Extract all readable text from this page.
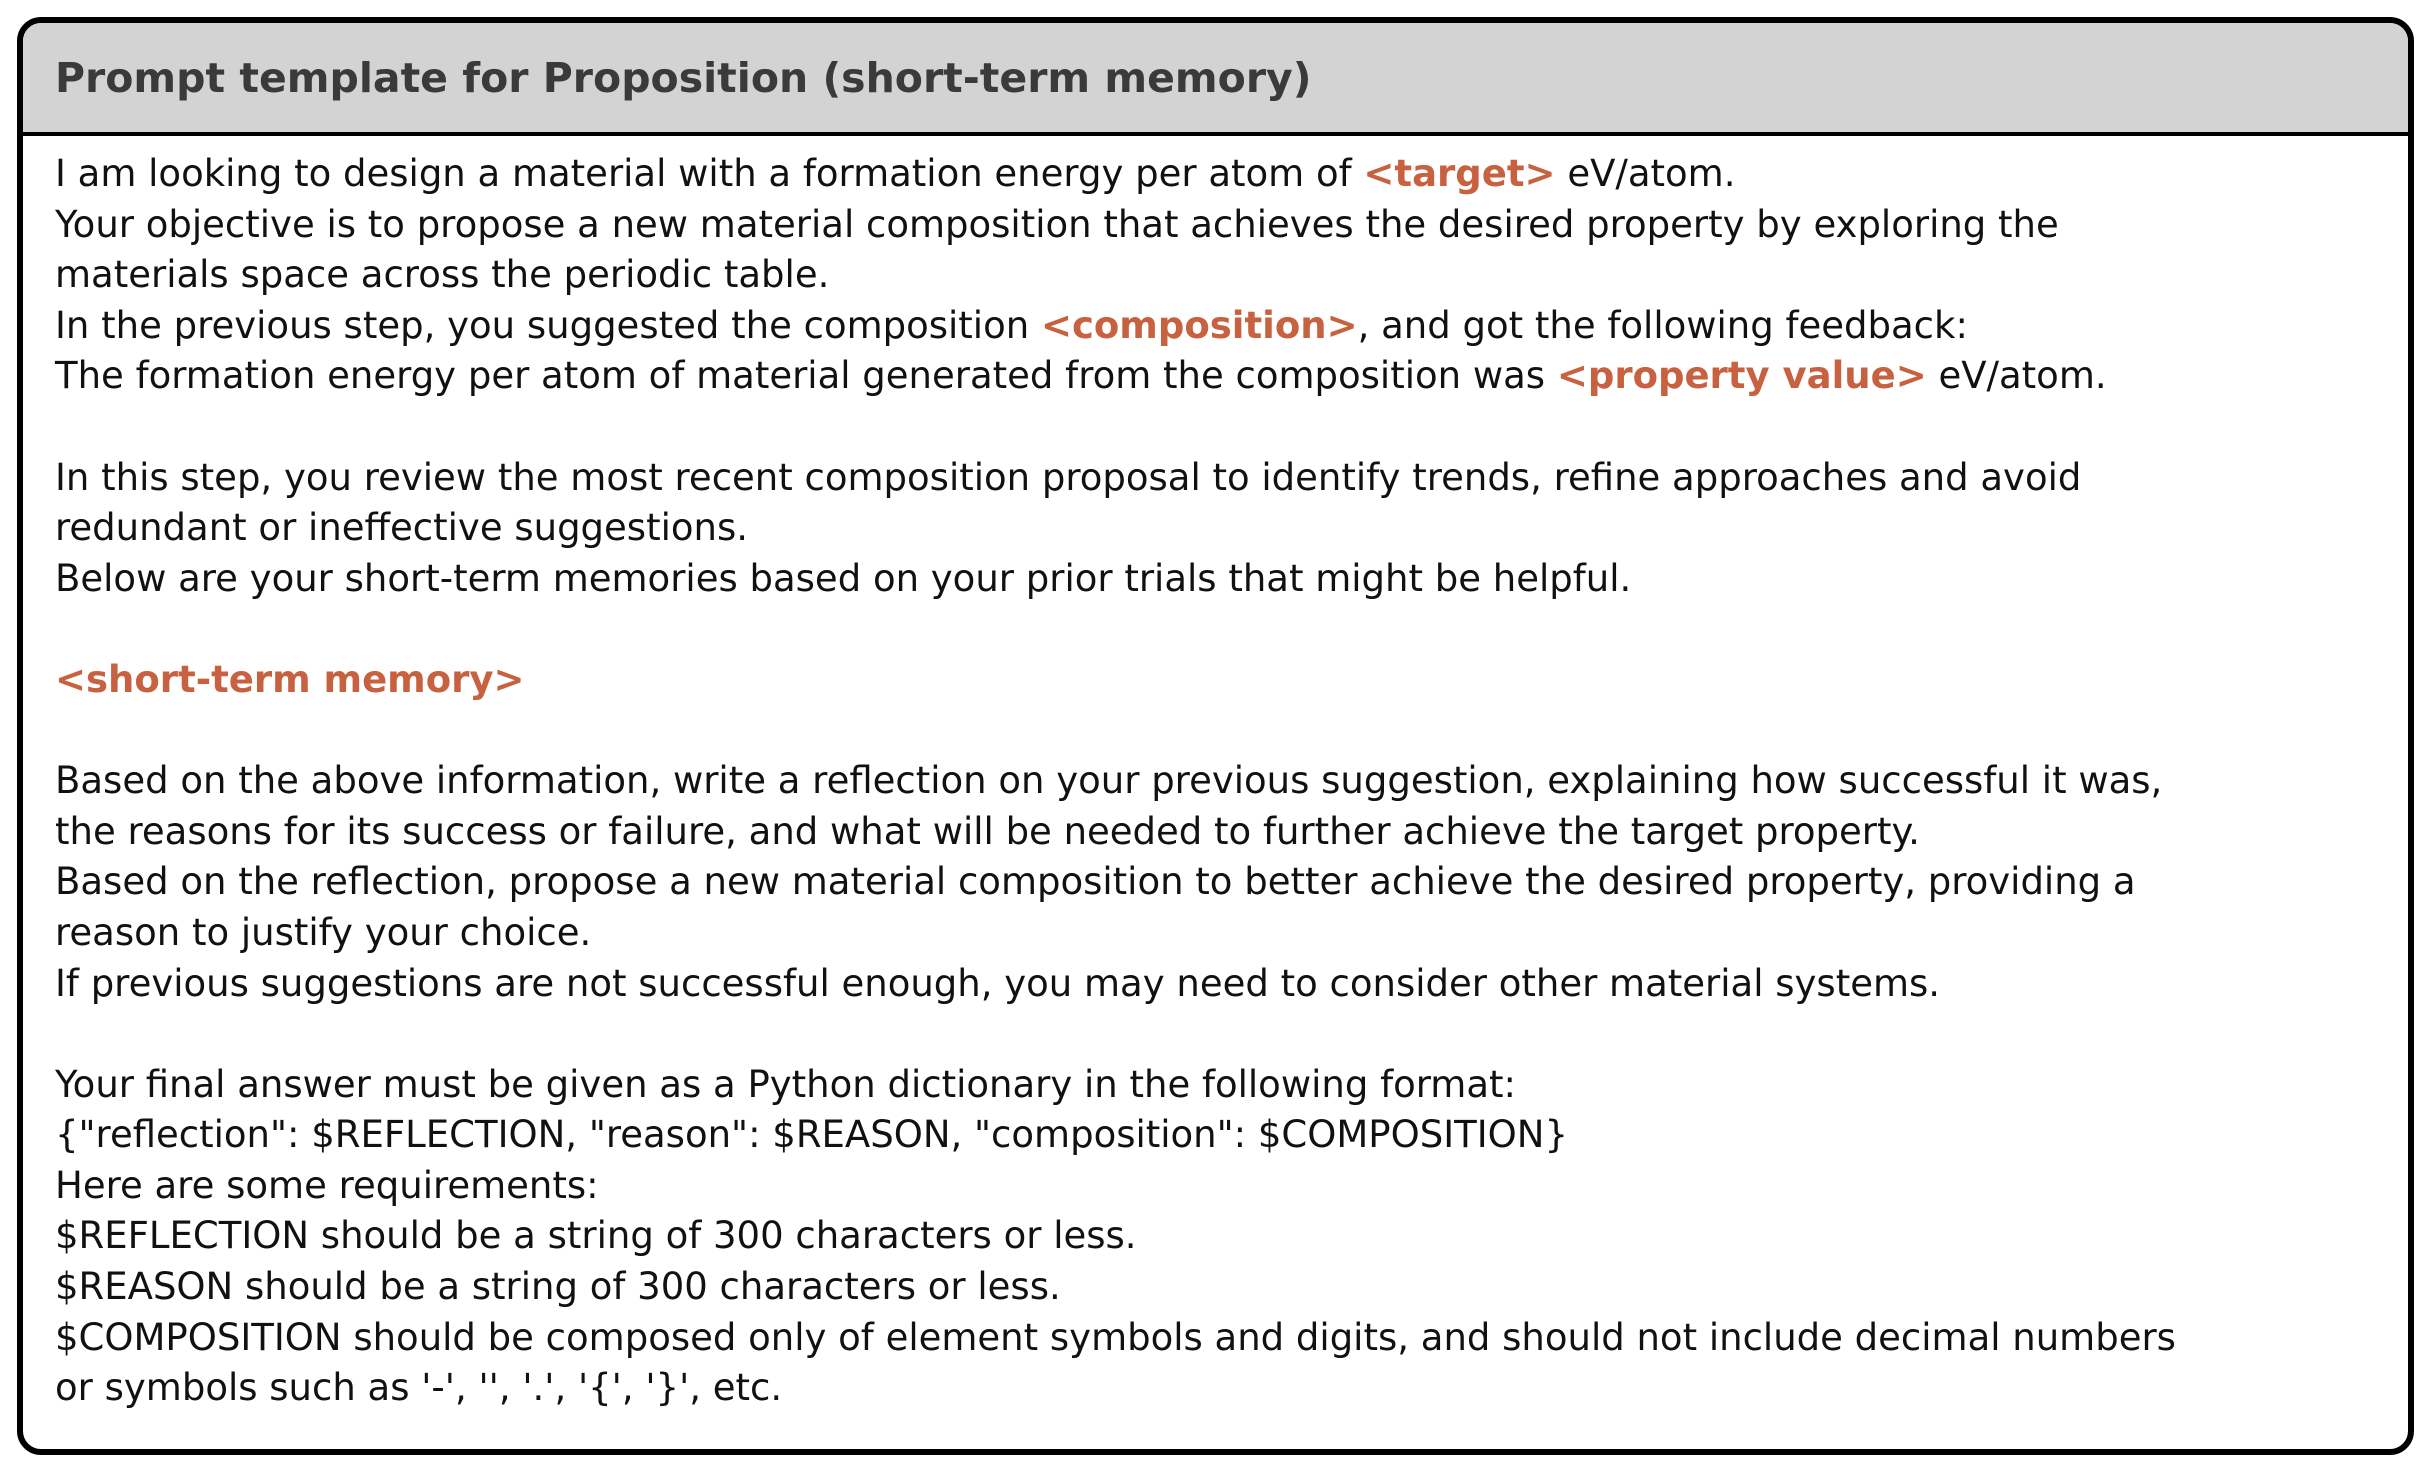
Prompt template for Proposition (short-term memory)
I am looking to design a material with a formation energy per atom of <target> eV/atom.
Your objective is to propose a new material composition that achieves the desired property by exploring the
materials space across the periodic table.
In the previous step, you suggested the composition <composition>, and got the following feedback:
The formation energy per atom of material generated from the composition was <property value> eV/atom.
In this step, you review the most recent composition proposal to identify trends, refine approaches and avoid
redundant or ineffective suggestions.
Below are your short-term memories based on your prior trials that might be helpful.
<short-term memory>
Based on the above information, write a reflection on your previous suggestion, explaining how successful it was,
the reasons for its success or failure, and what will be needed to further achieve the target property.
Based on the reflection, propose a new material composition to better achieve the desired property, providing a
reason to justify your choice.
If previous suggestions are not successful enough, you may need to consider other material systems.
Your final answer must be given as a Python dictionary in the following format:
{"reflection": $REFLECTION, "reason": $REASON, "composition": $COMPOSITION}
Here are some requirements:
$REFLECTION should be a string of 300 characters or less.
$REASON should be a string of 300 characters or less.
$COMPOSITION should be composed only of element symbols and digits, and should not include decimal numbers
or symbols such as '-', '', '.', '{', '}', etc.
